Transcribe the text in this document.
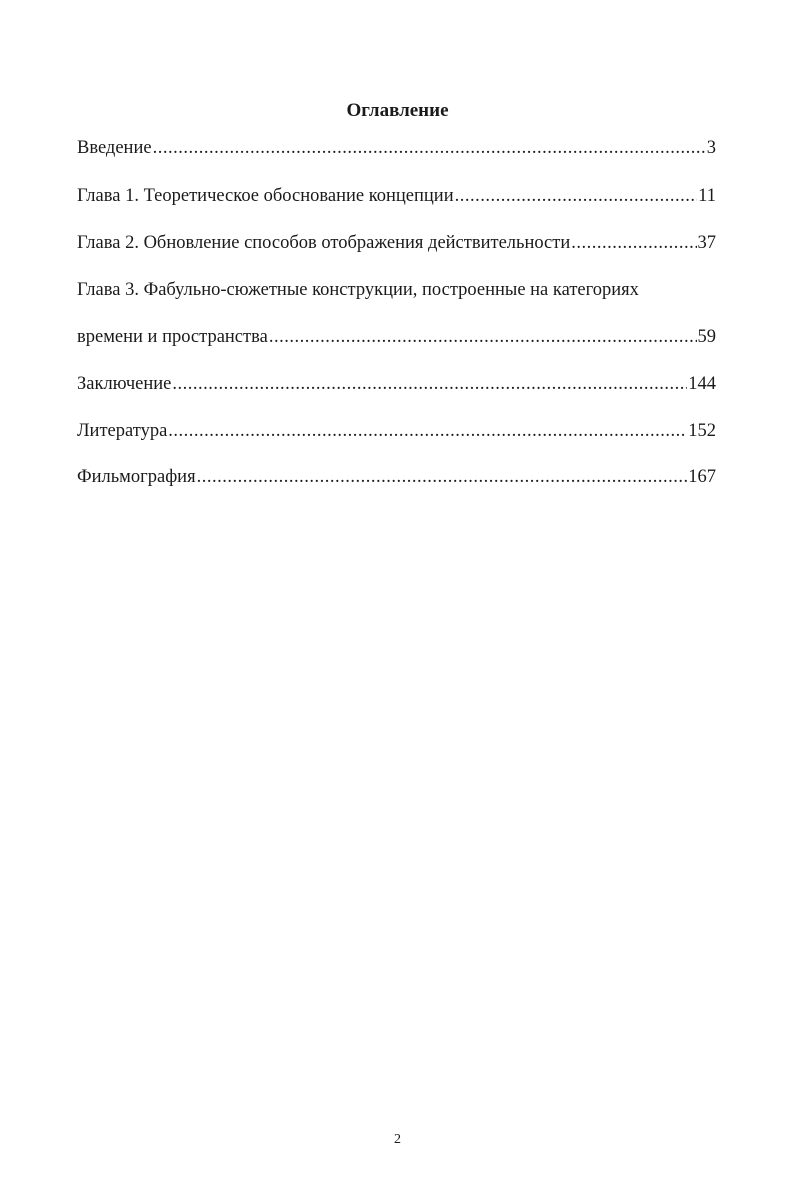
Оглавление
Введение .....	3
Глава 1. Теоретическое обоснование концепции .....	11
Глава 2. Обновление способов отображения действительности .....	37
Глава 3. Фабульно-сюжетные конструкции, построенные на категориях
времени и пространства .....	59
Заключение .....	144
Литература .....	152
Фильмография .....	167
2
